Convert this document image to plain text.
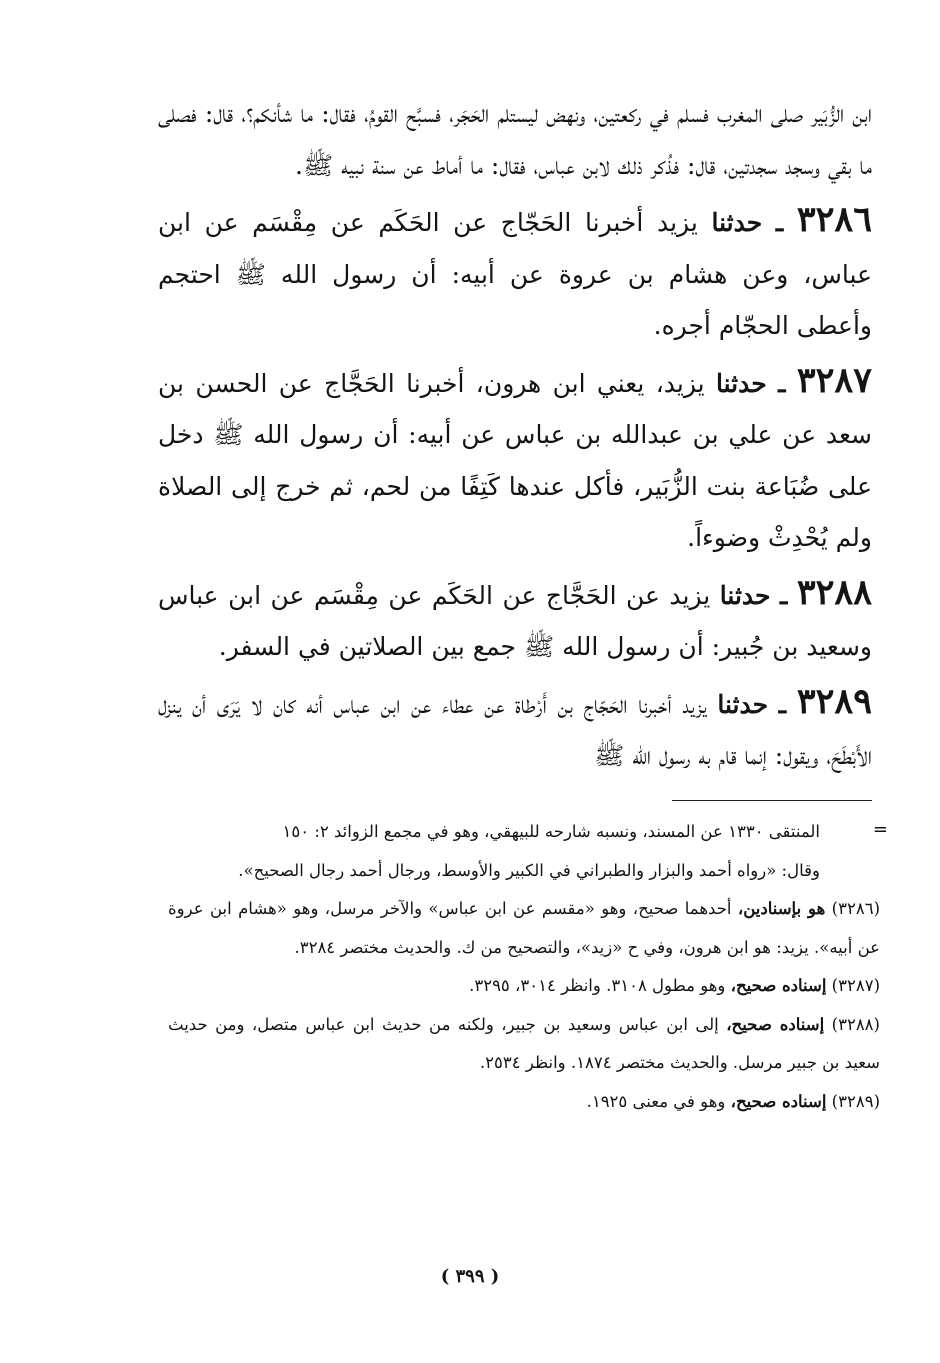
ابن الزُّبَير صلى المغرب فسلم في ركعتين، ونهض ليستلم الحَجَر، فسبَّح القومُ، فقال: ما شأنكم؟، قال: فصلى ما بقي وسجد سجدتين، قال: فذُكر ذلك لابن عباس، فقال: ما أماط عن سنة نبيه ﷺ.

٣٢٨٦ ـ حدثنا يزيد أخبرنا الحَجّاج عن الحَكَم عن مِقْسَم عن ابن عباس، وعن هشام بن عروة عن أبيه: أن رسول الله ﷺ احتجم وأعطى الحجّام أجره.

٣٢٨٧ ـ حدثنا يزيد، يعني ابن هرون، أخبرنا الحَجَّاج عن الحسن بن سعد عن علي بن عبدالله بن عباس عن أبيه: أن رسول الله ﷺ دخل على ضُبَاعة بنت الزُّبَير، فأكل عندها كَتِفًا من لحم، ثم خرج إلى الصلاة ولم يُحْدِثْ وضوءاً.

٣٢٨٨ ـ حدثنا يزيد عن الحَجَّاج عن الحَكَم عن مِقْسَم عن ابن عباس وسعيد بن جُبير: أن رسول الله ﷺ جمع بين الصلاتين في السفر.

٣٢٨٩ ـ حدثنا يزيد أخبرنا الحَجّاج بن أَرْطاة عن عطاء عن ابن عباس أنه كان لا يَرَى أن ينزل الأَبْطَحَ، ويقول: إنما قام به رسول الله ﷺ

=

المنتقى ١٣٣٠ عن المسند، ونسبه شارحه للبيهقي، وهو في مجمع الزوائد ٢: ١٥٠

وقال: «رواه أحمد والبزار والطبراني في الكبير والأوسط، ورجال أحمد رجال الصحيح».

(٣٢٨٦) هو بإسنادين، أحدهما صحيح، وهو «مقسم عن ابن عباس» والآخر مرسل، وهو «هشام ابن عروة عن أبيه». يزيد: هو ابن هرون، وفي ح «زيد»، والتصحيح من ك. والحديث مختصر ٣٢٨٤.

(٣٢٨٧) إسناده صحيح، وهو مطول ٣١٠٨. وانظر ٣٠١٤، ٣٢٩٥.

(٣٢٨٨) إسناده صحيح، إلى ابن عباس وسعيد بن جبير، ولكنه من حديث ابن عباس متصل، ومن حديث سعيد بن جبير مرسل. والحديث مختصر ١٨٧٤. وانظر ٢٥٣٤.

(٣٢٨٩) إسناده صحيح، وهو في معنى ١٩٢٥.

( ٣٩٩ )
